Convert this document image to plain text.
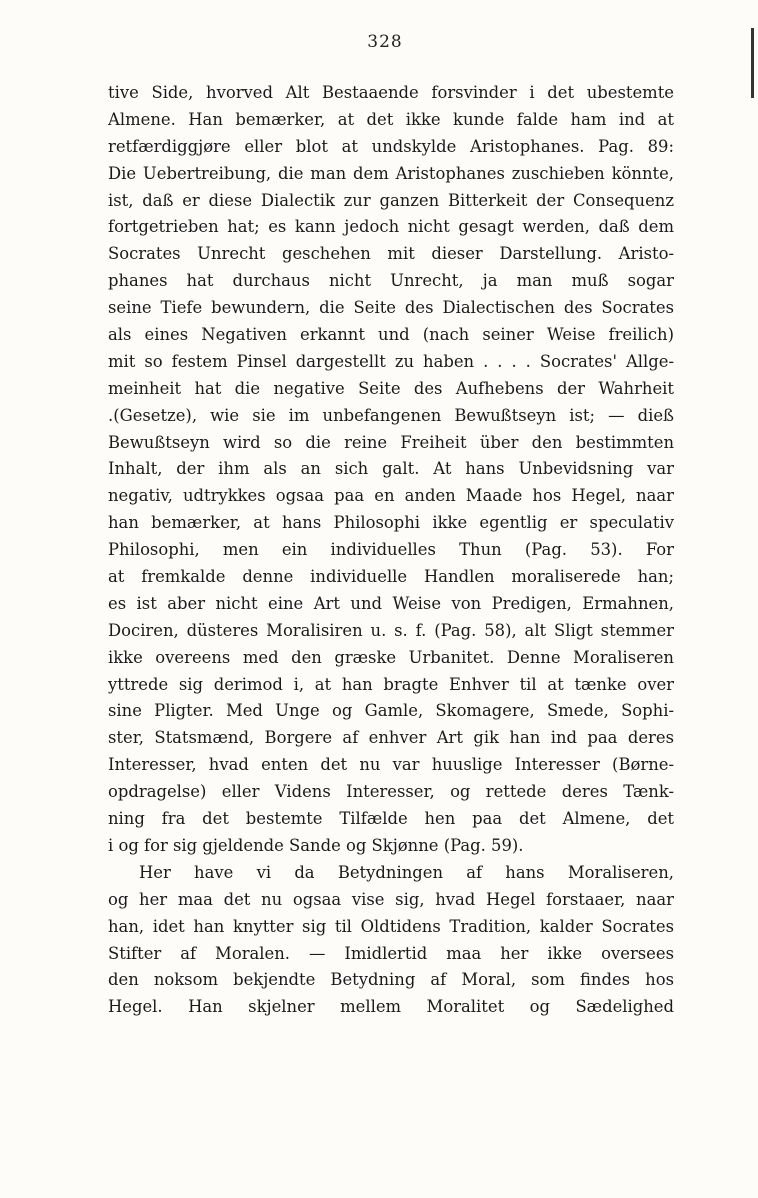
328
tive Side, hvorved Alt Bestaaende forsvinder i det ubestemte
Almene. Han bemærker, at det ikke kunde falde ham ind at
retfærdiggjøre eller blot at undskylde Aristophanes. Pag. 89:
Die Uebertreibung, die man dem Aristophanes zuschieben könnte,
ist, daß er diese Dialectik zur ganzen Bitterkeit der Consequenz
fortgetrieben hat; es kann jedoch nicht gesagt werden, daß dem
Socrates Unrecht geschehen mit dieser Darstellung. Aristo-
phanes hat durchaus nicht Unrecht, ja man muß sogar
seine Tiefe bewundern, die Seite des Dialectischen des Socrates
als eines Negativen erkannt und (nach seiner Weise freilich)
mit so festem Pinsel dargestellt zu haben . . . . Socrates' Allge-
meinheit hat die negative Seite des Aufhebens der Wahrheit
.(Gesetze), wie sie im unbefangenen Bewußtseyn ist; — dieß
Bewußtseyn wird so die reine Freiheit über den bestimmten
Inhalt, der ihm als an sich galt. At hans Unbevidsning var
negativ, udtrykkes ogsaa paa en anden Maade hos Hegel, naar
han bemærker, at hans Philosophi ikke egentlig er speculativ
Philosophi, men ein individuelles Thun (Pag. 53). For
at fremkalde denne individuelle Handlen moraliserede han;
es ist aber nicht eine Art und Weise von Predigen, Ermahnen,
Dociren, düsteres Moralisiren u. s. f. (Pag. 58), alt Sligt stemmer
ikke overeens med den græske Urbanitet. Denne Moraliseren
yttrede sig derimod i, at han bragte Enhver til at tænke over
sine Pligter. Med Unge og Gamle, Skomagere, Smede, Sophi-
ster, Statsmænd, Borgere af enhver Art gik han ind paa deres
Interesser, hvad enten det nu var huuslige Interesser (Børne-
opdragelse) eller Videns Interesser, og rettede deres Tænk-
ning fra det bestemte Tilfælde hen paa det Almene, det
i og for sig gjeldende Sande og Skjønne (Pag. 59).
Her have vi da Betydningen af hans Moraliseren,
og her maa det nu ogsaa vise sig, hvad Hegel forstaaer, naar
han, idet han knytter sig til Oldtidens Tradition, kalder Socrates
Stifter af Moralen. — Imidlertid maa her ikke oversees
den noksom bekjendte Betydning af Moral, som findes hos
Hegel. Han skjelner mellem Moralitet og Sædelighed
